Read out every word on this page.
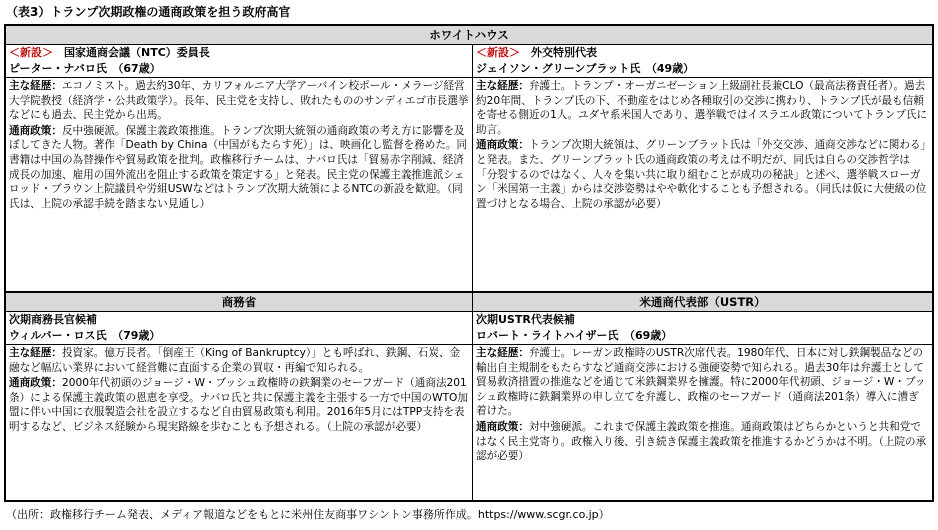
（表3）トランプ次期政権の通商政策を担う政府高官
ホワイトハウス
＜新設＞　 国家通商会議（NTC）委員長
ピーター・ナバロ氏　（67歳）

主な経歴：エコノミスト。過去約30年、カリフォルニア大学アーバイン校ポール・メラージ経営大学院教授（経済学・公共政策学）。長年、民主党を支持し、敗れたもののサンディエゴ市長選挙などにも過去、民主党から出馬。

通商政策：反中強硬派。保護主義政策推進。トランプ次期大統領の通商政策の考え方に影響を及ぼしてきた人物。著作「Death by China（中国がもたらす死）」は、映画化し監督を務めた。同書籍は中国の為替操作や貿易政策を批判。政権移行チームは、ナバロ氏は「貿易赤字削減、経済成長の加速、雇用の国外流出を阻止する政策を策定する」と発表。民主党の保護主義推進派シェロッド・ブラウン上院議員や労組USWなどはトランプ次期大統領によるNTCの新設を歓迎。（同氏は、上院の承認手続を踏まない見通し）

＜新設＞　 外交特別代表
ジェイソン・グリーンブラット氏　（49歳）

主な経歴：弁護士。トランプ・オーガニゼーション上級副社長兼CLO（最高法務責任者）。過去約20年間、トランプ氏の下、不動産をはじめ各種取引の交渉に携わり、トランプ氏が最も信頼を寄せる側近の1人。ユダヤ系米国人であり、選挙戦ではイスラエル政策についてトランプ氏に助言。

通商政策：トランプ次期大統領は、グリーンブラット氏は「外交交渉、通商交渉などに関わる」と発表。また、グリーンブラット氏の通商政策の考えは不明だが、同氏は自らの交渉哲学は「分裂するのではなく、人々を集い共に取り組むことが成功の秘訣」と述べ、選挙戦スローガン「米国第一主義」からは交渉姿勢はやや軟化することも予想される。（同氏は仮に大使級の位置づけとなる場合、上院の承認が必要）

商務省	米通商代表部（USTR）
次期商務長官候補
ウィルバー・ロス氏　（79歳）

主な経歴：投資家。億万長者。「倒産王（King of Bankruptcy）」とも呼ばれ、鉄鋼、石炭、金融など幅広い業界において経営難に直面する企業の買収・再編で知られる。

通商政策：2000年代初頭のジョージ・W・ブッシュ政権時の鉄鋼業のセーフガード（通商法201条）による保護主義政策の恩恵を享受。ナバロ氏と共に保護主義を主張する一方で中国のWTO加盟に伴い中国に衣服製造会社を設立するなど自由貿易政策も利用。2016年5月にはTPP支持を表明するなど、ビジネス経験から現実路線を歩むことも予想される。（上院の承認が必要）

次期USTR代表候補
ロバート・ライトハイザー氏　（69歳）

主な経歴：弁護士。レーガン政権時のUSTR次席代表。1980年代、日本に対し鉄鋼製品などの輸出自主規制をもたらすなど通商交渉における強硬姿勢で知られる。過去30年は弁護士として貿易救済措置の推進などを通じて米鉄鋼業界を擁護。特に2000年代初頭、ジョージ・W・ブッシュ政権時に鉄鋼業界の申し立てを弁護し、政権のセーフガード（通商法201条）導入に漕ぎ着けた。

通商政策：対中強硬派。これまで保護主義政策を推進。通商政策はどちらかというと共和党ではなく民主党寄り。政権入り後、引き続き保護主義政策を推進するかどうかは不明。（上院の承認が必要）

（出所：政権移行チーム発表、メディア報道などをもとに米州住友商事ワシントン事務所作成。https://www.scgr.co.jp）
